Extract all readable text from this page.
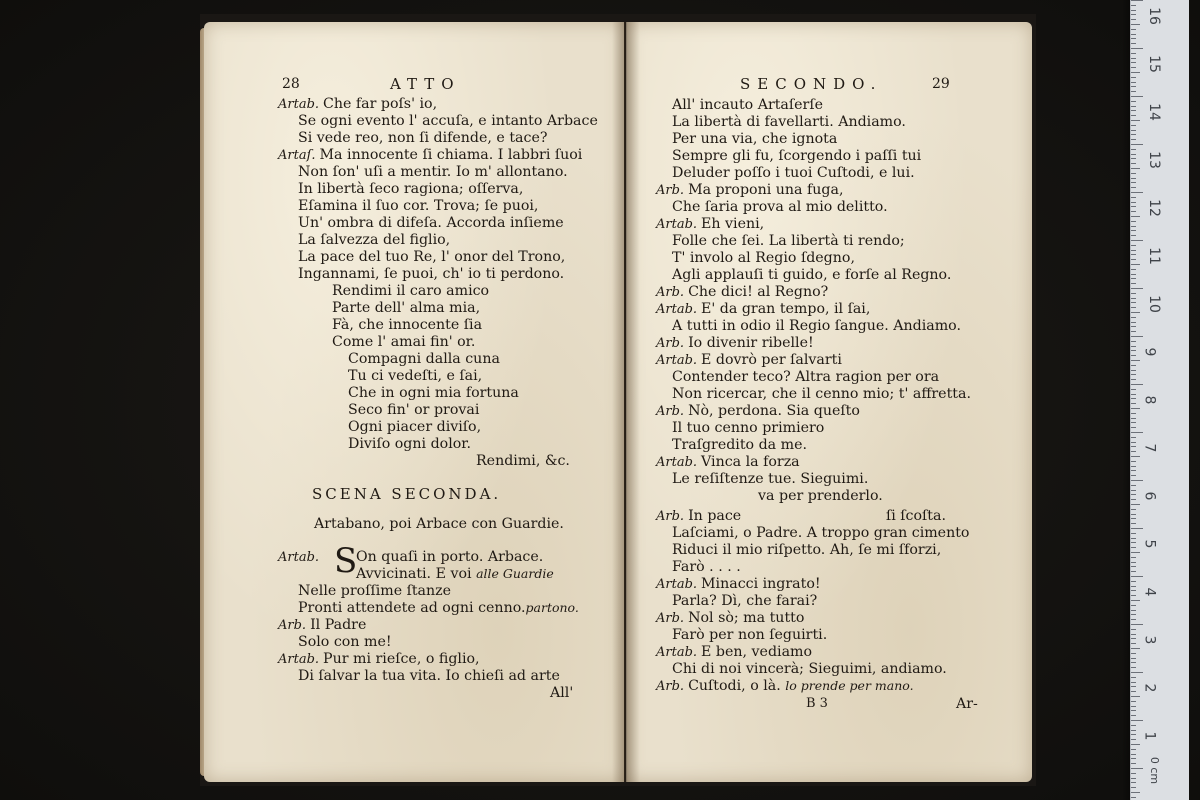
28	ATTO
Artab. Che far poſs' io,
Se ogni evento l' accuſa, e intanto Arbace
Si vede reo, non ſi difende, e tace?
Artaſ. Ma innocente ſi chiama. I labbri ſuoi
Non ſon' uſi a mentir. Io m' allontano.
In libertà ſeco ragiona; oſſerva,
Eſamina il ſuo cor. Trova; ſe puoi,
Un' ombra di difeſa. Accorda inſieme
La ſalvezza del figlio,
La pace del tuo Re, l' onor del Trono,
Ingannami, ſe puoi, ch' io ti perdono.
Rendimi il caro amico
Parte dell' alma mia,
Fà, che innocente ſia
Come l' amai fin' or.
Compagni dalla cuna
Tu ci vedeſti, e ſai,
Che in ogni mia fortuna
Seco fin' or provai
Ogni piacer diviſo,
Diviſo ogni dolor.
Rendimi, &c.
SCENA SECONDA.
Artabano, poi Arbace con Guardie.
Artab. S
On quaſi in porto. Arbace.
Avvicinati. E voi alle Guardie
Nelle proſſime ſtanze
Pronti attendete ad ogni cenno.partono.
Arb. Il Padre
Solo con me!
Artab. Pur mi rieſce, o figlio,
Di ſalvar la tua vita. Io chieſi ad arte
All'
SECONDO.	29
All' incauto Artaſerſe
La libertà di favellarti. Andiamo.
Per una via, che ignota
Sempre gli fu, ſcorgendo i paſſi tui
Deluder poſſo i tuoi Cuſtodi, e lui.
Arb. Ma proponi una fuga,
Che ſaria prova al mio delitto.
Artab. Eh vieni,
Folle che ſei. La libertà ti rendo;
T' involo al Regio ſdegno,
Agli applauſi ti guido, e forſe al Regno.
Arb. Che dici! al Regno?
Artab. E' da gran tempo, il ſai,
A tutti in odio il Regio ſangue. Andiamo.
Arb. Io divenir ribelle!
Artab. E dovrò per ſalvarti
Contender teco? Altra ragion per ora
Non ricercar, che il cenno mio; t' affretta.
Arb. Nò, perdona. Sia queſto
Il tuo cenno primiero
Traſgredito da me.
Artab. Vinca la forza
Le reſiſtenze tue. Sieguimi.
va per prenderlo.
Arb. In pace	ſi ſcoſta.
Laſciami, o Padre. A troppo gran cimento
Riduci il mio riſpetto. Ah, ſe mi ſforzi,
Farò . . . .
Artab. Minacci ingrato!
Parla? Dì, che farai?
Arb. Nol sò; ma tutto
Farò per non ſeguirti.
Artab. E ben, vediamo
Chi di noi vincerà; Sieguimi, andiamo.
Arb. Cuſtodi, o là. lo prende per mano.
B 3	Ar-
16
15
14
13
12
11
10
9
8
7
6
5
4
3
2
1
0 cm
